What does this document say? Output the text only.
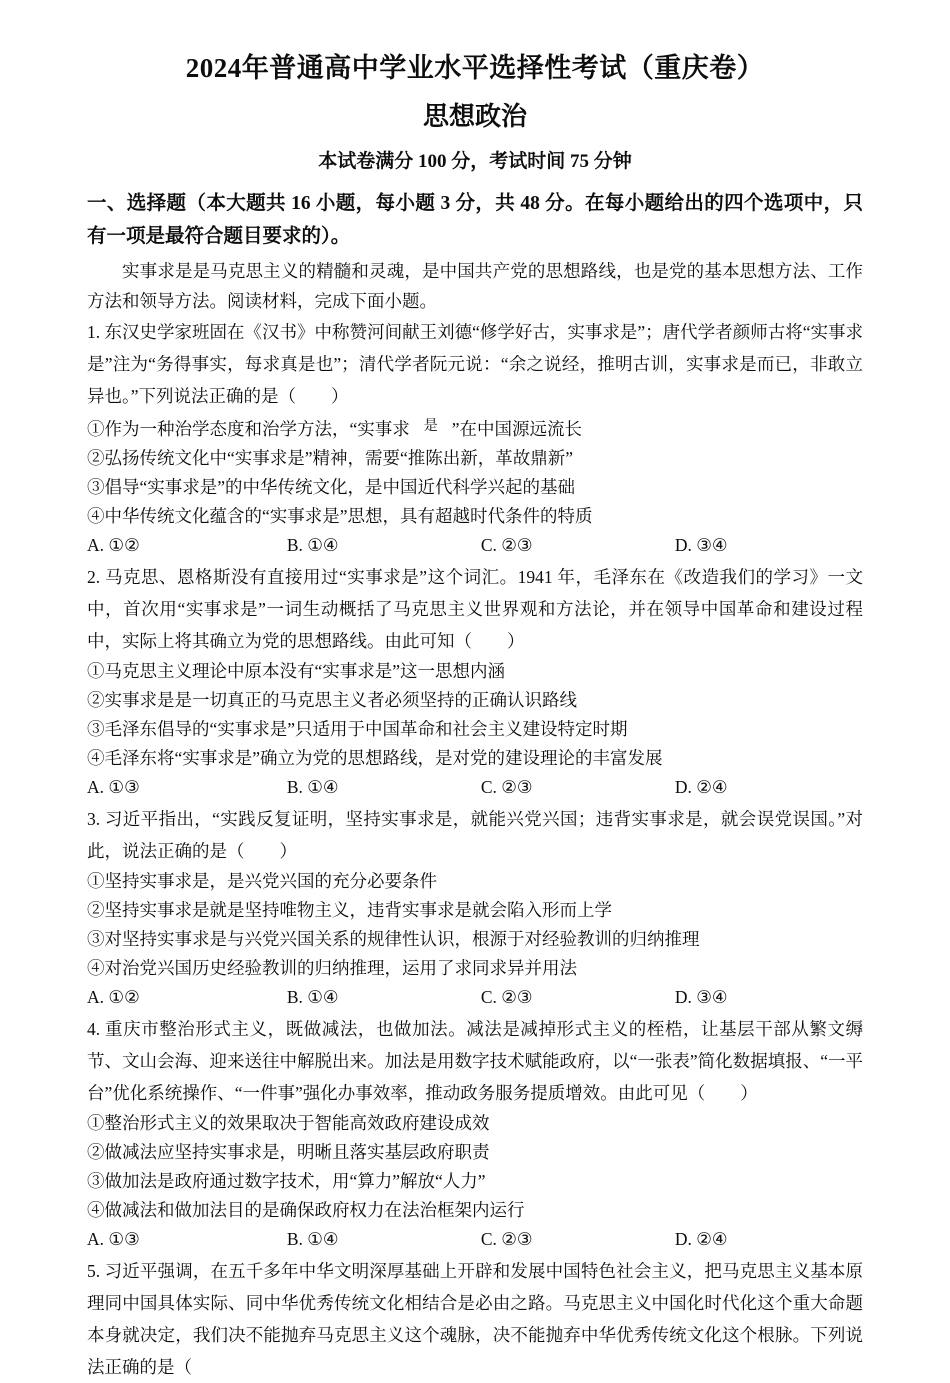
2024年普通高中学业水平选择性考试（重庆卷）
思想政治
本试卷满分 100 分，考试时间 75 分钟
一、选择题（本大题共 16 小题，每小题 3 分，共 48 分。在每小题给出的四个选项中，只有一项是最符合题目要求的）。

实事求是是马克思主义的精髓和灵魂，是中国共产党的思想路线，也是党的基本思想方法、工作方法和领导方法。阅读材料，完成下面小题。

1. 东汉史学家班固在《汉书》中称赞河间献王刘德“修学好古，实事求是”；唐代学者颜师古将“实事求是”注为“务得事实，每求真是也”；清代学者阮元说：“余之说经，推明古训，实事求是而已，非敢立异也。”下列说法正确的是（　　）

①作为一种治学态度和治学方法，“实事求 是 ”在中国源远流长

②弘扬传统文化中“实事求是”精神，需要“推陈出新，革故鼎新”

③倡导“实事求是”的中华传统文化，是中国近代科学兴起的基础

④中华传统文化蕴含的“实事求是”思想，具有超越时代条件的特质

A. ①②	B. ①④	C. ②③	D. ③④

2. 马克思、恩格斯没有直接用过“实事求是”这个词汇。1941 年，毛泽东在《改造我们的学习》一文中，首次用“实事求是”一词生动概括了马克思主义世界观和方法论，并在领导中国革命和建设过程中，实际上将其确立为党的思想路线。由此可知（　　）

①马克思主义理论中原本没有“实事求是”这一思想内涵

②实事求是是一切真正的马克思主义者必须坚持的正确认识路线

③毛泽东倡导的“实事求是”只适用于中国革命和社会主义建设特定时期

④毛泽东将“实事求是”确立为党的思想路线，是对党的建设理论的丰富发展

A. ①③	B. ①④	C. ②③	D. ②④

3. 习近平指出，“实践反复证明，坚持实事求是，就能兴党兴国；违背实事求是，就会误党误国。”对此，说法正确的是（　　）

①坚持实事求是，是兴党兴国的充分必要条件

②坚持实事求是就是坚持唯物主义，违背实事求是就会陷入形而上学

③对坚持实事求是与兴党兴国关系的规律性认识，根源于对经验教训的归纳推理

④对治党兴国历史经验教训的归纳推理，运用了求同求异并用法

A. ①②	B. ①④	C. ②③	D. ③④

4. 重庆市整治形式主义，既做减法，也做加法。减法是减掉形式主义的桎梏，让基层干部从繁文缛节、文山会海、迎来送往中解脱出来。加法是用数字技术赋能政府，以“一张表”简化数据填报、“一平台”优化系统操作、“一件事”强化办事效率，推动政务服务提质增效。由此可见（　　）

①整治形式主义的效果取决于智能高效政府建设成效

②做减法应坚持实事求是，明晰且落实基层政府职责

③做加法是政府通过数字技术，用“算力”解放“人力”

④做减法和做加法目的是确保政府权力在法治框架内运行

A. ①③	B. ①④	C. ②③	D. ②④

5. 习近平强调，在五千多年中华文明深厚基础上开辟和发展中国特色社会主义，把马克思主义基本原理同中国具体实际、同中华优秀传统文化相结合是必由之路。马克思主义中国化时代化这个重大命题本身就决定，我们决不能抛弃马克思主义这个魂脉，决不能抛弃中华优秀传统文化这个根脉。下列说法正确的是（
